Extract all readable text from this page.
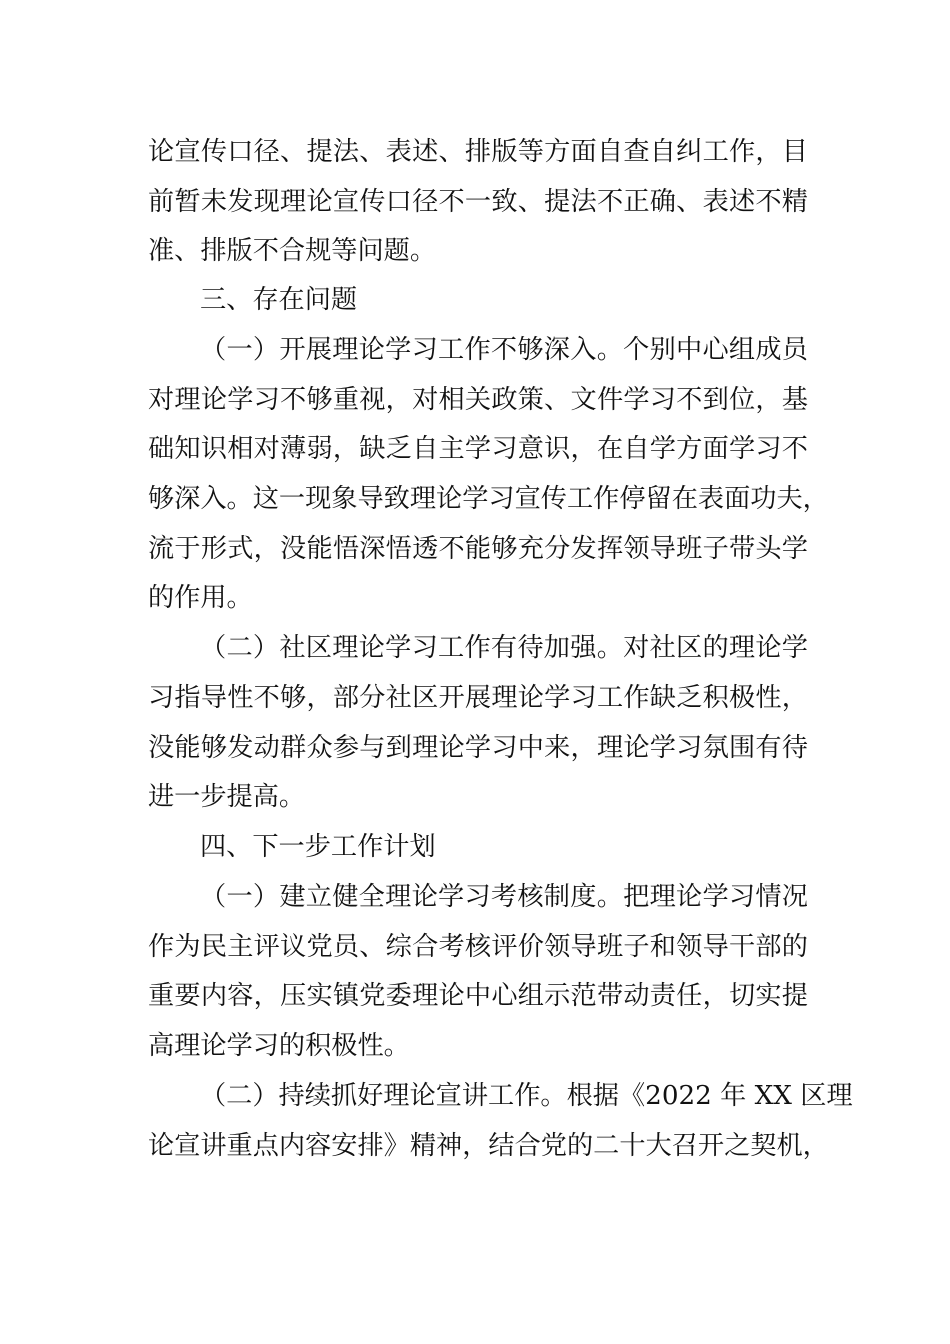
论宣传口径、提法、表述、排版等方面自查自纠工作，目

前暂未发现理论宣传口径不一致、提法不正确、表述不精

准、排版不合规等问题。

三、存在问题

（一）开展理论学习工作不够深入。个别中心组成员

对理论学习不够重视，对相关政策、文件学习不到位，基

础知识相对薄弱，缺乏自主学习意识，在自学方面学习不

够深入。这一现象导致理论学习宣传工作停留在表面功夫，

流于形式，没能悟深悟透不能够充分发挥领导班子带头学

的作用。

（二）社区理论学习工作有待加强。对社区的理论学

习指导性不够，部分社区开展理论学习工作缺乏积极性，

没能够发动群众参与到理论学习中来，理论学习氛围有待

进一步提高。

四、下一步工作计划

（一）建立健全理论学习考核制度。把理论学习情况

作为民主评议党员、综合考核评价领导班子和领导干部的

重要内容，压实镇党委理论中心组示范带动责任，切实提

高理论学习的积极性。

（二）持续抓好理论宣讲工作。根据《2022 年 XX 区理

论宣讲重点内容安排》精神，结合党的二十大召开之契机，
